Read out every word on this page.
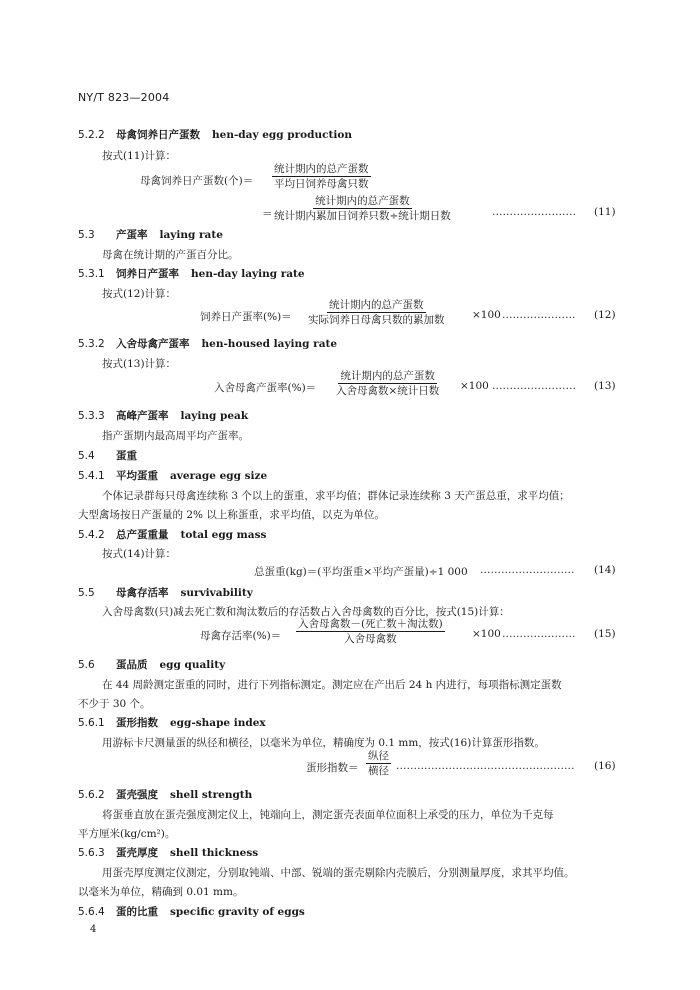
NY/T 823—2004
5.2.2 母禽饲养日产蛋数 hen-day egg production
按式(11)计算：
母禽饲养日产蛋数(个)＝
统计期内的总产蛋数
平均日饲养母禽只数
＝
统计期内的总产蛋数
统计期内累加日饲养只数÷统计期日数	…………………… (11)
5.3 产蛋率 laying rate
母禽在统计期的产蛋百分比。
5.3.1 饲养日产蛋率 hen-day laying rate
按式(12)计算：
饲养日产蛋率(%)＝
统计期内的总产蛋数
实际饲养日母禽只数的累加数	×100 ………………… (12)
5.3.2 入舍母禽产蛋率 hen-housed laying rate
按式(13)计算：
入舍母禽产蛋率(%)＝
统计期内的总产蛋数
入舍母禽数×统计日数 ×100 …………………… (13)
5.3.3 高峰产蛋率 laying peak
指产蛋期内最高周平均产蛋率。
5.4 蛋重
5.4.1 平均蛋重 average egg size
个体记录群每只母禽连续称 3 个以上的蛋重，求平均值；群体记录连续称 3 天产蛋总重，求平均值；
大型禽场按日产蛋量的 2% 以上称蛋重，求平均值，以克为单位。
5.4.2 总产蛋重量 total egg mass
按式(14)计算：
总蛋重(kg)＝(平均蛋重×平均产蛋量)÷1 000 ……………………… (14)
5.5 母禽存活率 survivability
入舍母禽数(只)减去死亡数和淘汰数后的存活数占入舍母禽数的百分比，按式(15)计算：
母禽存活率(%)＝
入舍母禽数－(死亡数＋淘汰数)
入舍母禽数	×100 ………………… (15)
5.6 蛋品质 egg quality
在 44 周龄测定蛋重的同时，进行下列指标测定。测定应在产出后 24 h 内进行，每项指标测定蛋数
不少于 30 个。
5.6.1 蛋形指数 egg-shape index
用游标卡尺测量蛋的纵径和横径，以毫米为单位，精确度为 0.1 mm，按式(16)计算蛋形指数。
蛋形指数＝
纵径
横径 …………………………………………… (16)
5.6.2 蛋壳强度 shell strength
将蛋垂直放在蛋壳强度测定仪上，钝端向上，测定蛋壳表面单位面积上承受的压力，单位为千克每
平方厘米(kg/cm²)。
5.6.3 蛋壳厚度 shell thickness
用蛋壳厚度测定仪测定，分别取钝端、中部、锐端的蛋壳剔除内壳膜后，分别测量厚度，求其平均值。
以毫米为单位，精确到 0.01 mm。
5.6.4 蛋的比重 specific gravity of eggs
4
